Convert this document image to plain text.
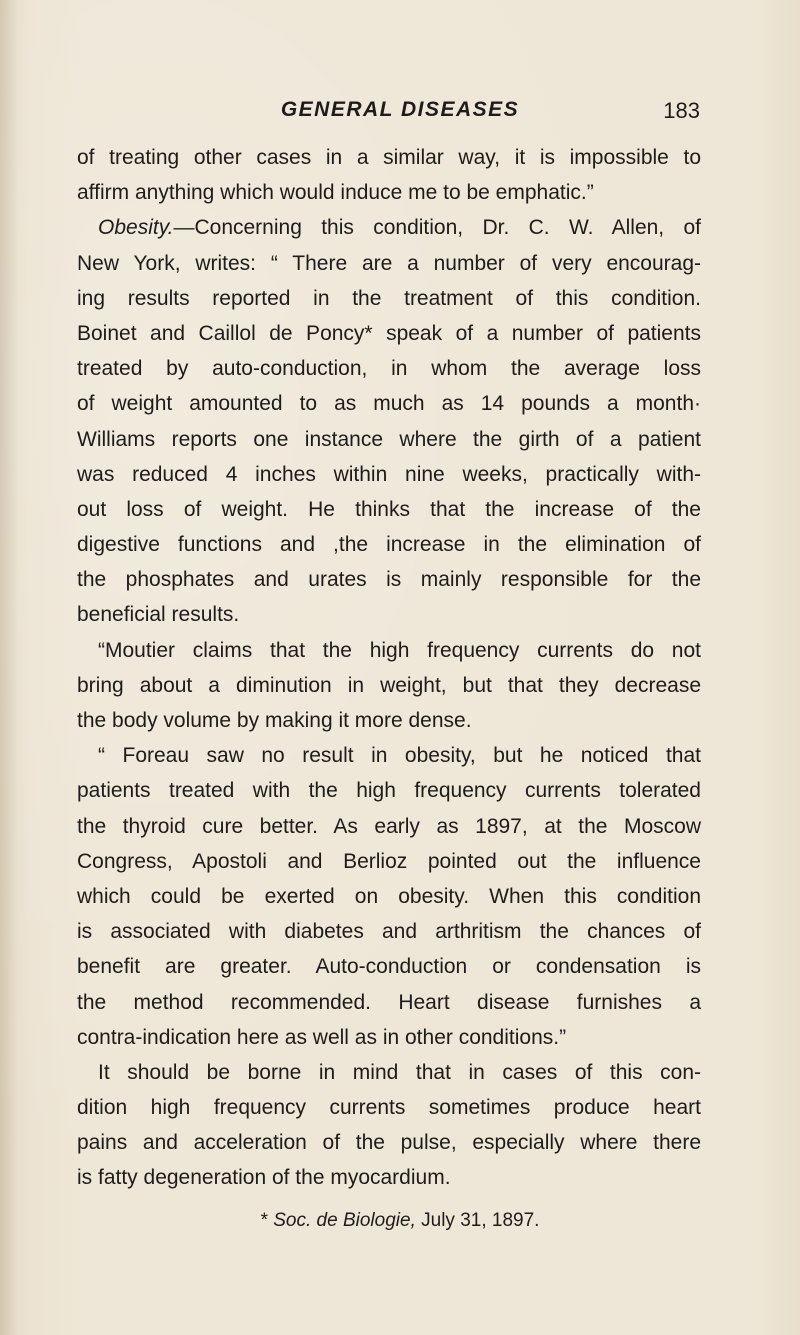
GENERAL DISEASES	183
of treating other cases in a similar way, it is impossible to
affirm anything which would induce me to be emphatic.”
Obesity.—Concerning this condition, Dr. C. W. Allen, of
New York, writes: “ There are a number of very encourag-
ing results reported in the treatment of this condition.
Boinet and Caillol de Poncy* speak of a number of patients
treated by auto-conduction, in whom the average loss
of weight amounted to as much as 14 pounds a month·
Williams reports one instance where the girth of a patient
was reduced 4 inches within nine weeks, practically with-
out loss of weight. He thinks that the increase of the
digestive functions and ,the increase in the elimination of
the phosphates and urates is mainly responsible for the
beneficial results.
“Moutier claims that the high frequency currents do not
bring about a diminution in weight, but that they decrease
the body volume by making it more dense.
“ Foreau saw no result in obesity, but he noticed that
patients treated with the high frequency currents tolerated
the thyroid cure better. As early as 1897, at the Moscow
Congress, Apostoli and Berlioz pointed out the influence
which could be exerted on obesity. When this condition
is associated with diabetes and arthritism the chances of
benefit are greater. Auto-conduction or condensation is
the method recommended. Heart disease furnishes a
contra-indication here as well as in other conditions.”
It should be borne in mind that in cases of this con-
dition high frequency currents sometimes produce heart
pains and acceleration of the pulse, especially where there
is fatty degeneration of the myocardium.
* Soc. de Biologie, July 31, 1897.
